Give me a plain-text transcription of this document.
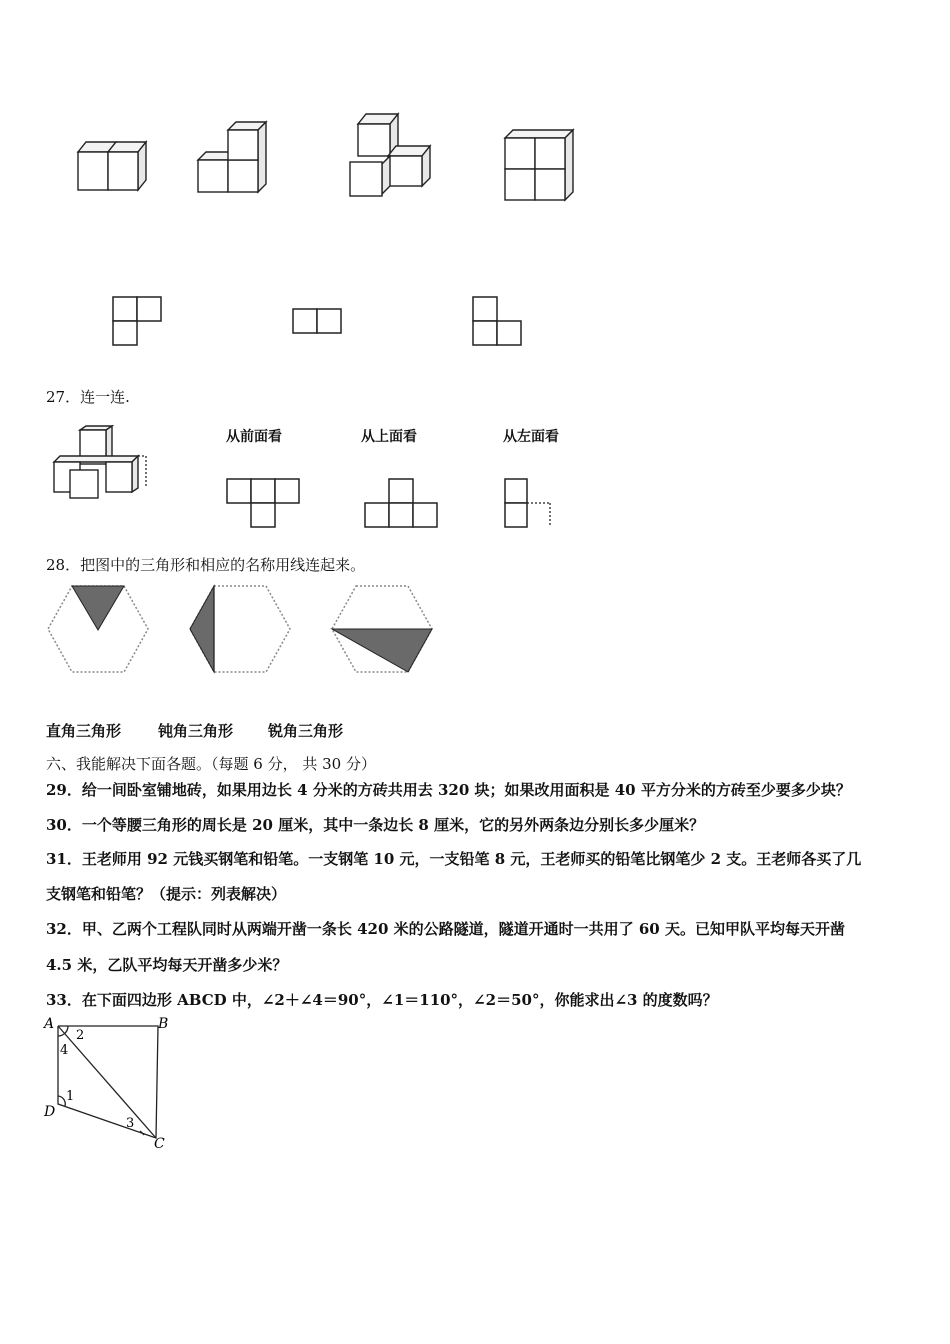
27．连一连.
从前面看	从上面看	从左面看
28．把图中的三角形和相应的名称用线连起来。
直角三角形 钝角三角形 锐角三角形
六、我能解决下面各题。（每题 6 分， 共 30 分）
29．给一间卧室铺地砖，如果用边长 4 分米的方砖共用去 320 块；如果改用面积是 40 平方分米的方砖至少要多少块？
30．一个等腰三角形的周长是 20 厘米，其中一条边长 8 厘米，它的另外两条边分别长多少厘米？
31．王老师用 92 元钱买钢笔和铅笔。一支钢笔 10 元，一支铅笔 8 元，王老师买的铅笔比钢笔少 2 支。王老师各买了几
支钢笔和铅笔？（提示：列表解决）
32．甲、乙两个工程队同时从两端开凿一条长 420 米的公路隧道，隧道开通时一共用了 60 天。已知甲队平均每天开凿
4.5 米，乙队平均每天开凿多少米？
33．在下面四边形 ABCD 中，∠2＋∠4＝90°，∠1＝110°，∠2＝50°，你能求出∠3 的度数吗？
A	B
C
D
1
2
3
4
